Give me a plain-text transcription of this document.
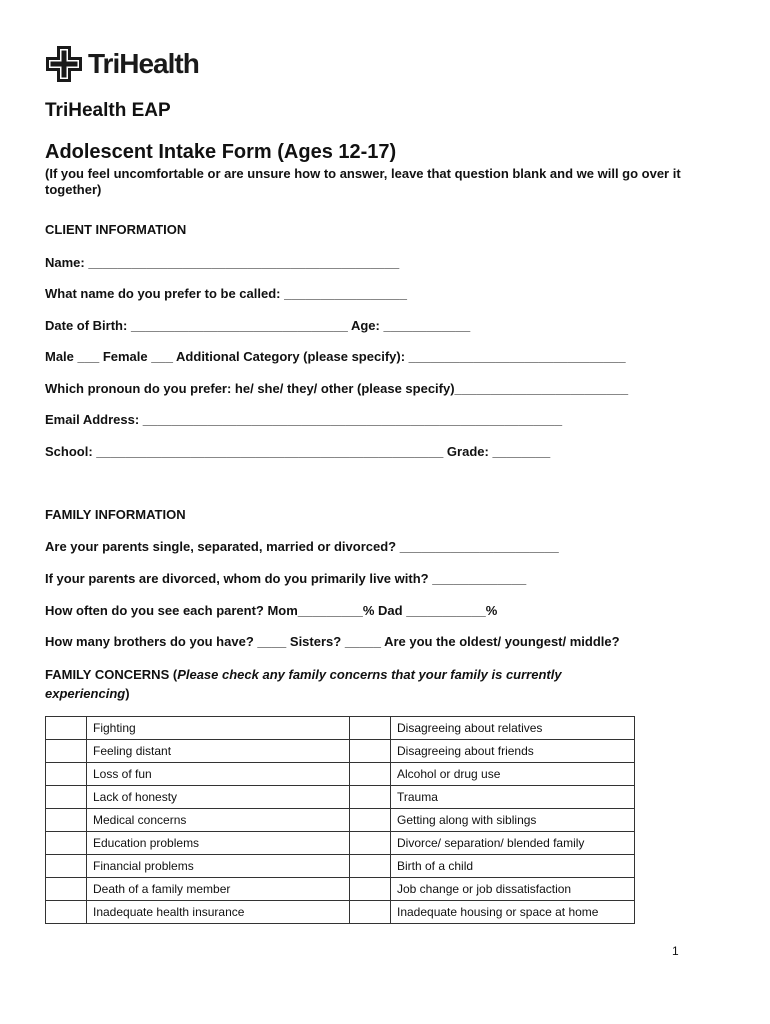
TriHealth
TriHealth EAP
Adolescent Intake Form (Ages 12-17)
(If you feel uncomfortable or are unsure how to answer, leave that question blank and we will go over it together)
CLIENT INFORMATION
Name: ___________________________________________
What name do you prefer to be called: _________________
Date of Birth: ______________________________ Age: ____________
Male ___ Female ___ Additional Category (please specify): ______________________________
Which pronoun do you prefer: he/ she/ they/ other (please specify)________________________
Email Address: __________________________________________________________
School: ________________________________________________ Grade: ________
FAMILY INFORMATION
Are your parents single, separated, married or divorced? ______________________
If your parents are divorced, whom do you primarily live with? _____________
How often do you see each parent? Mom_________% Dad ___________%
How many brothers do you have? ____ Sisters? _____ Are you the oldest/ youngest/ middle?
FAMILY CONCERNS (Please check any family concerns that your family is currently experiencing)
	Fighting		Disagreeing about relatives
	Feeling distant		Disagreeing about friends
	Loss of fun		Alcohol or drug use
	Lack of honesty		Trauma
	Medical concerns		Getting along with siblings
	Education problems		Divorce/ separation/ blended family
	Financial problems		Birth of a child
	Death of a family member		Job change or job dissatisfaction
	Inadequate health insurance		Inadequate housing or space at home
1
